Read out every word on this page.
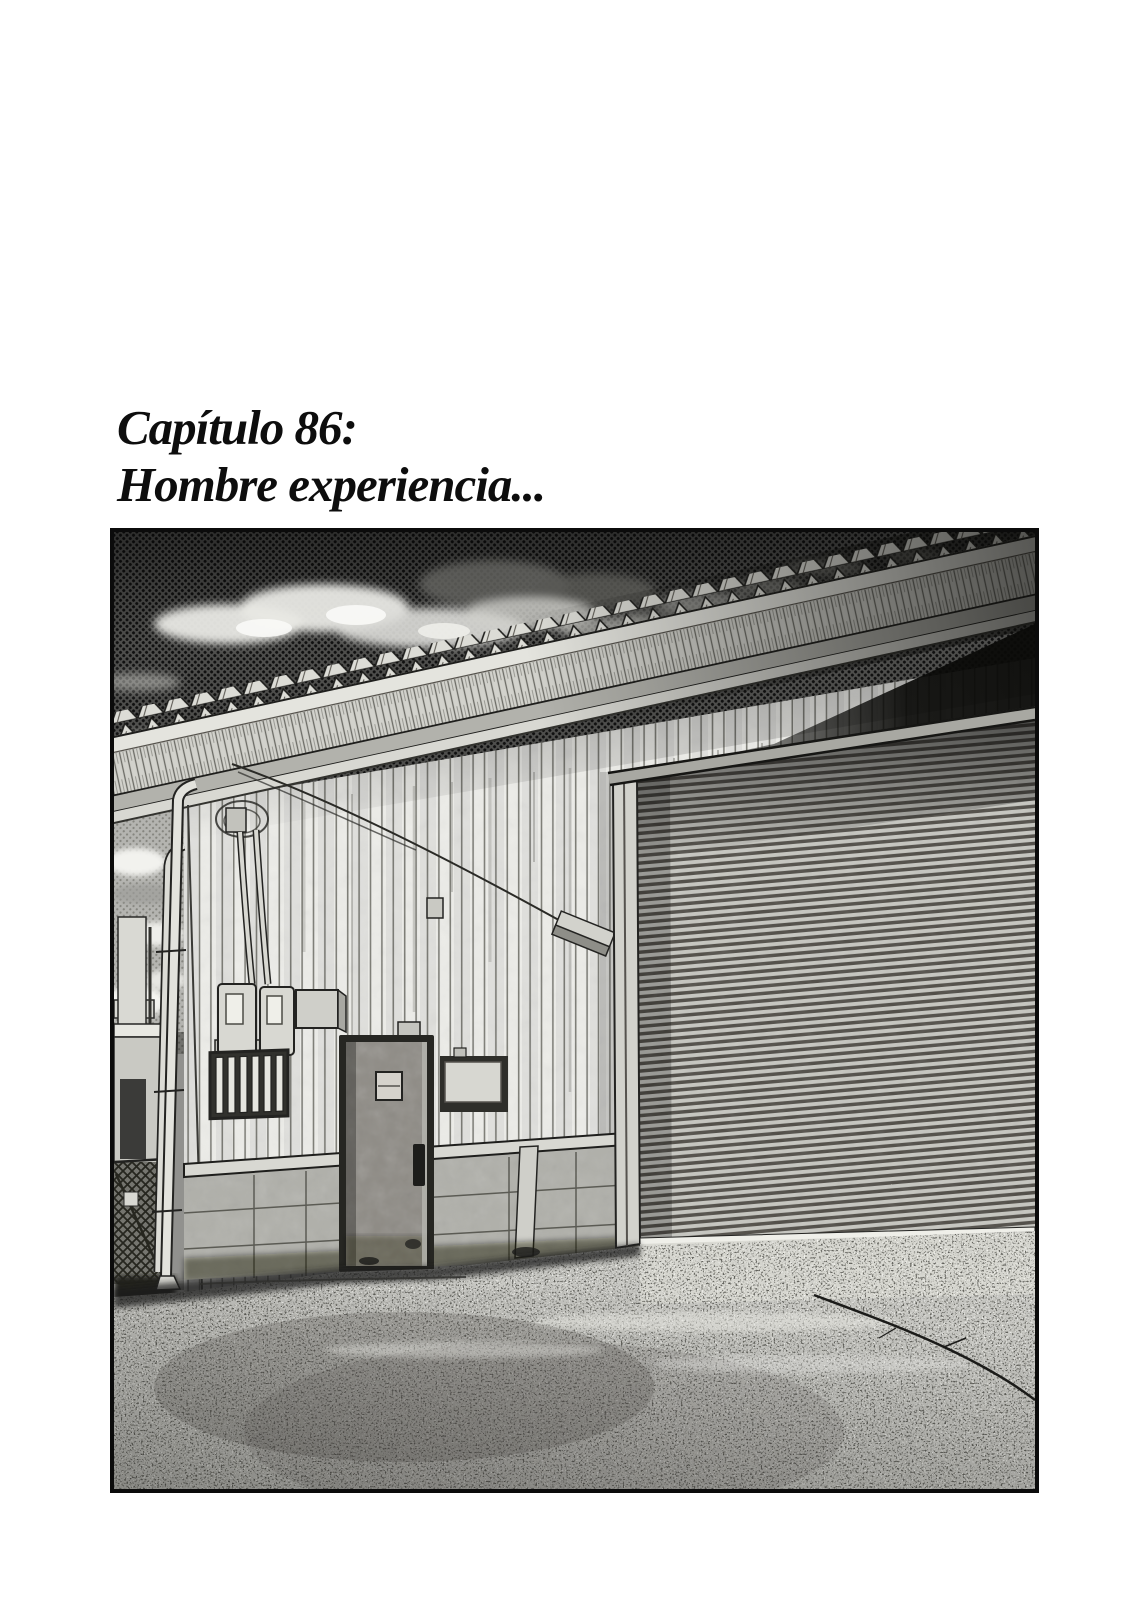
Capítulo 86:
Hombre experiencia...
